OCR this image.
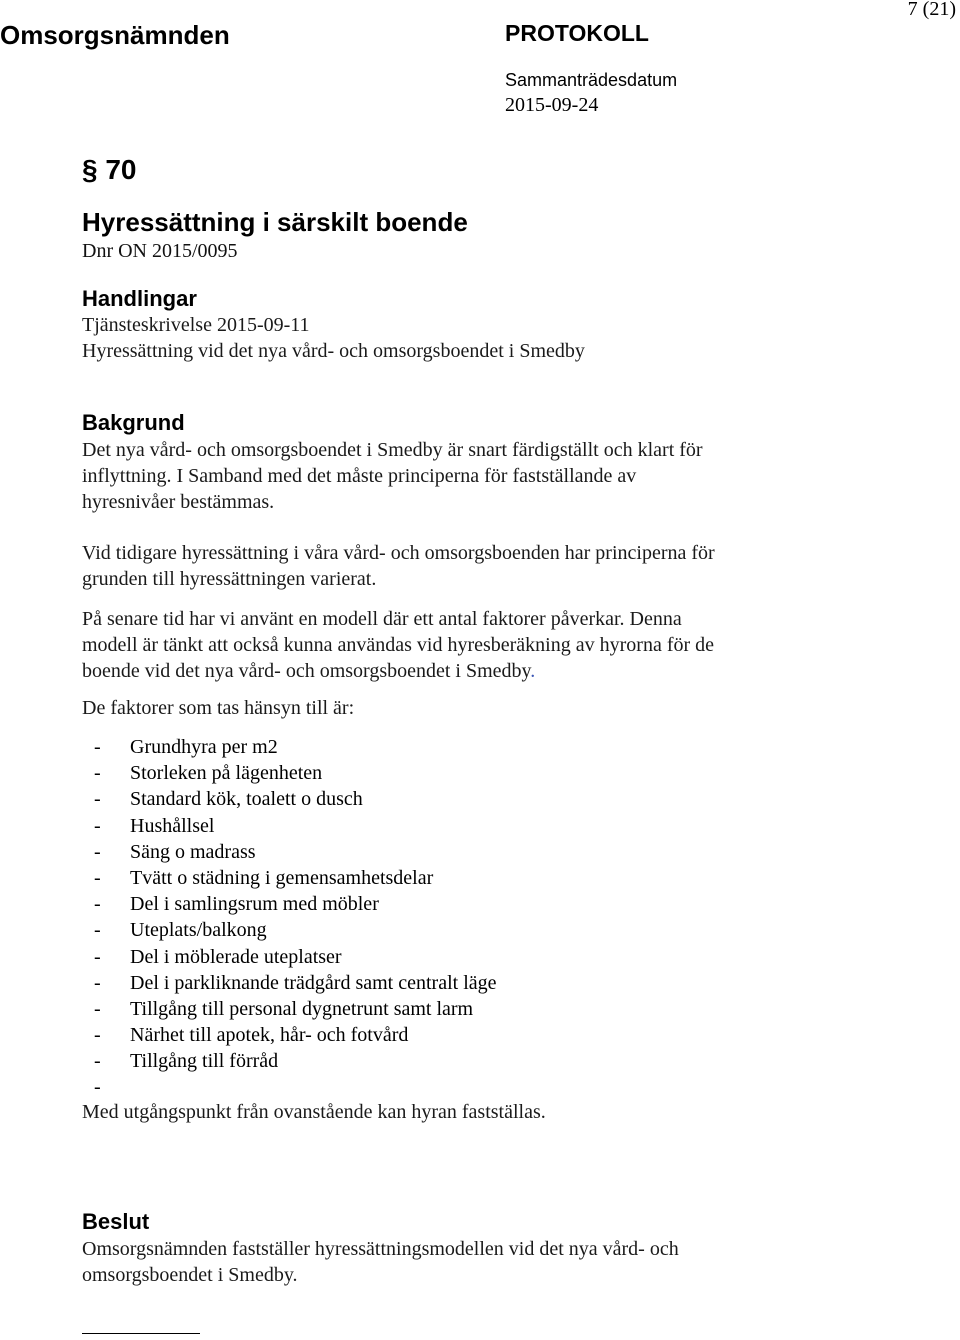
Omsorgsnämnden	PROTOKOLL
7 (21)
Sammanträdesdatum
2015-09-24
§ 70
Hyressättning i särskilt boende
Dnr ON 2015/0095
Handlingar
Tjänsteskrivelse 2015-09-11
Hyressättning vid det nya vård- och omsorgsboendet i Smedby
Bakgrund
Det nya vård- och omsorgsboendet i Smedby är snart färdigställt och klart för
inflyttning. I Samband med det måste principerna för fastställande av
hyresnivåer bestämmas.
Vid tidigare hyressättning i våra vård- och omsorgsboenden har principerna för
grunden till hyressättningen varierat.
På senare tid har vi använt en modell där ett antal faktorer påverkar. Denna
modell är tänkt att också kunna användas vid hyresberäkning av hyrorna för de
boende vid det nya vård- och omsorgsboendet i Smedby.
De faktorer som tas hänsyn till är:
- Grundhyra per m2
- Storleken på lägenheten
- Standard kök, toalett o dusch
- Hushållsel
- Säng o madrass
- Tvätt o städning i gemensamhetsdelar
- Del i samlingsrum med möbler
- Uteplats/balkong
- Del i möblerade uteplatser
- Del i parkliknande trädgård samt centralt läge
- Tillgång till personal dygnetrunt samt larm
- Närhet till apotek, hår- och fotvård
- Tillgång till förråd
-
Med utgångspunkt från ovanstående kan hyran fastställas.
Beslut
Omsorgsnämnden fastställer hyressättningsmodellen vid det nya vård- och
omsorgsboendet i Smedby.
